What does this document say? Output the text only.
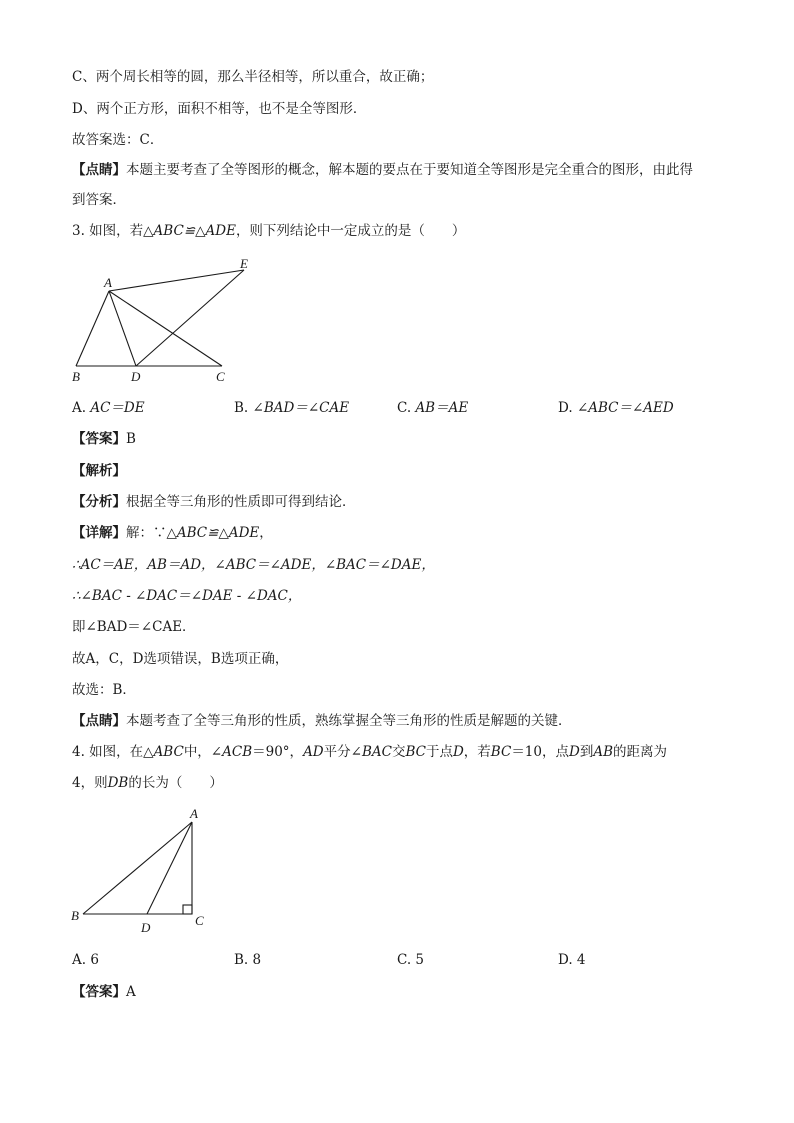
C、两个周长相等的圆，那么半径相等，所以重合，故正确；
D、两个正方形，面积不相等，也不是全等图形．
故答案选：C．
【点睛】本题主要考查了全等图形的概念，解本题的要点在于要知道全等图形是完全重合的图形，由此得
到答案．
3. 如图，若△ABC≌△ADE，则下列结论中一定成立的是（　　）
A
E
B	D	C
A. AC＝DE	B. ∠BAD＝∠CAE	C. AB＝AE	D. ∠ABC＝∠AED
【答案】B
【解析】
【分析】根据全等三角形的性质即可得到结论．
【详解】解：∵△ABC≌△ADE，
∴AC＝AE，AB＝AD，∠ABC＝∠ADE，∠BAC＝∠DAE，
∴∠BAC - ∠DAC＝∠DAE - ∠DAC，
即∠BAD＝∠CAE．
故A，C，D选项错误，B选项正确，
故选：B．
【点睛】本题考查了全等三角形的性质，熟练掌握全等三角形的性质是解题的关键．
4. 如图，在△ABC中，∠ACB＝90°，AD平分∠BAC交BC于点D，若BC＝10，点D到AB的距离为
4，则DB的长为（　　）
A
B
D	C
A. 6	B. 8	C. 5	D. 4
【答案】A
